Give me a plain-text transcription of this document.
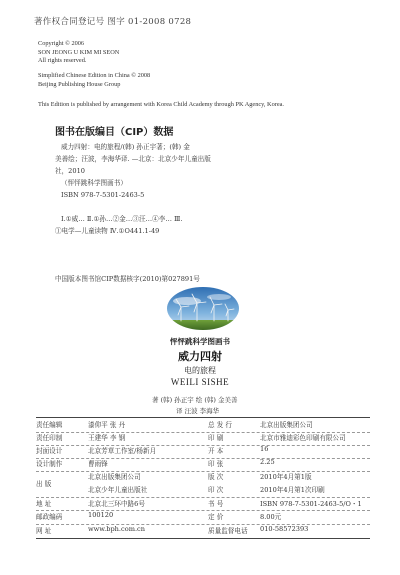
著作权合同登记号 图字 01-2008 0728
Copyright © 2006
SON JEONG U KIM MI SEON
All rights reserved.
Simplified Chinese Edition in China © 2008
Beijing Publishing House Group
This Edition is published by arrangement with Korea Child Academy through PK Agency, Korea.
图书在版编目（CIP）数据
威力四射：电的旅程/(韩) 孙正宇著；(韩) 金
美善绘；汪波，李海华译. —北京：北京少年儿童出版
社，2010
（怦怦跳科学图画书）
ISBN 978-7-5301-2463-5

Ⅰ.①威… Ⅱ.①孙…②金…③汪…④李… Ⅲ.
①电学—儿童读物 Ⅳ.①O441.1-49
中国版本图书馆CIP数据核字(2010)第027891号
怦怦跳科学图画书
威力四射
电的旅程
WEILI SISHE
著 (韩) 孙正宇 绘 (韩) 金美善
译 汪波 李海华
责任编辑	漆仰平 张 丹	总 发 行	北京出版集团公司
责任印制	王建华 李 钢	印 刷	北京市雅迪彩色印刷有限公司
封面设计	北京芳草工作室/杨新月	开 本	16
设计制作	曹雨锋	印 张	2.25
北京出版集团公司	版 次	2010年4月第1版
出 版
北京少年儿童出版社	印 次	2010年4月第1次印刷
地 址	北京北三环中路6号	书 号	ISBN 978-7-5301-2463-5/O・1
邮政编码	100120	定 价	8.00元
网 址	www.bph.com.cn	质量监督电话 010-58572393
